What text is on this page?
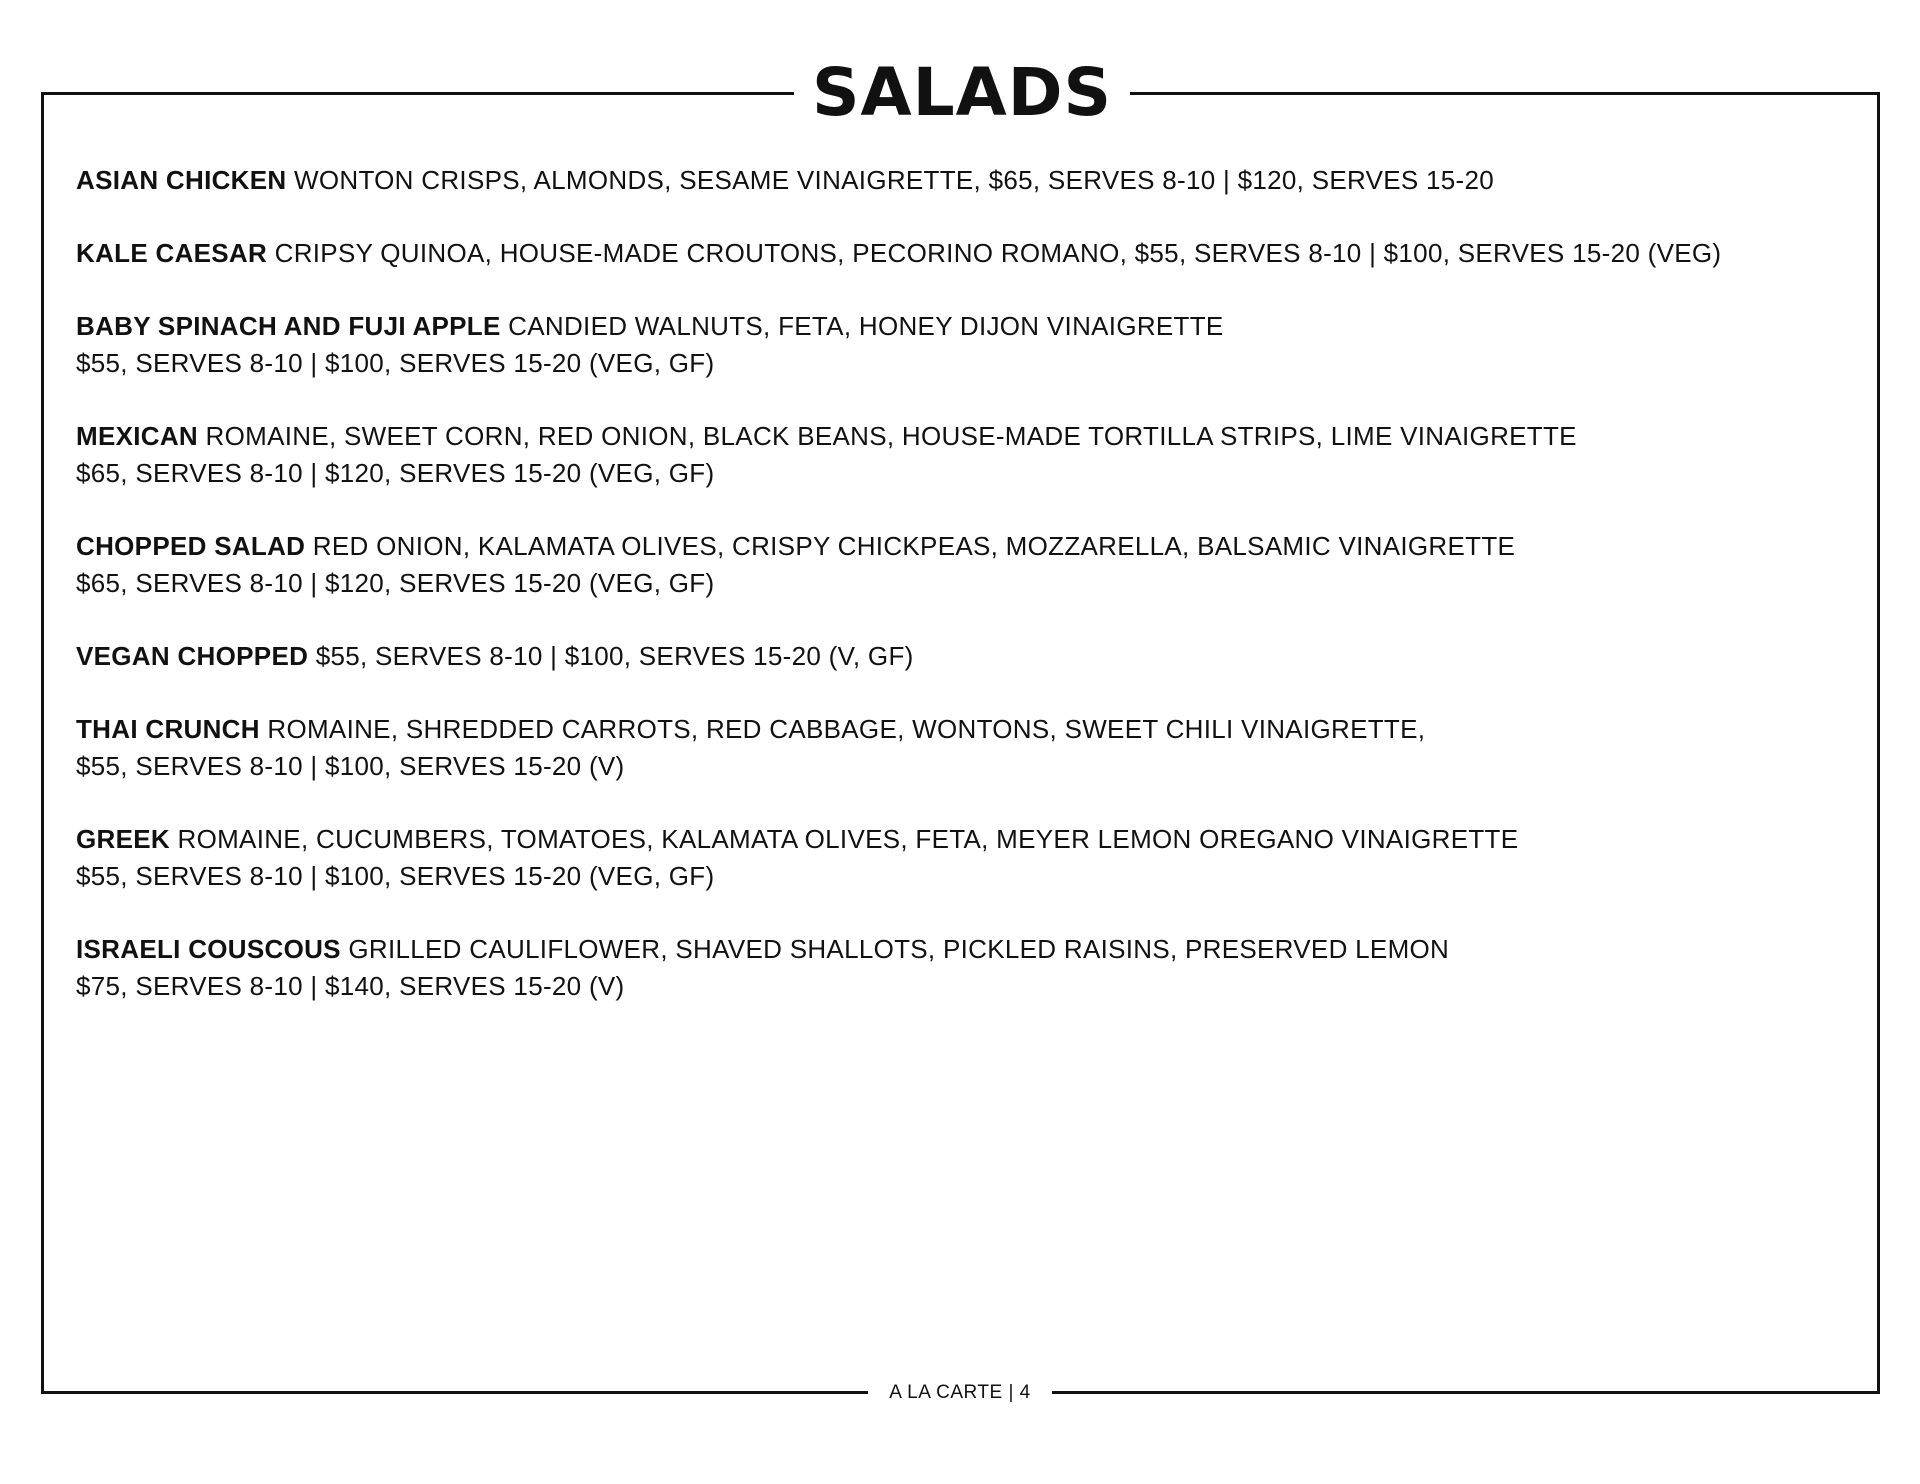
SALADS
ASIAN CHICKEN WONTON CRISPS, ALMONDS, SESAME VINAIGRETTE, $65, SERVES 8-10 | $120, SERVES 15-20
KALE CAESAR CRIPSY QUINOA, HOUSE-MADE CROUTONS, PECORINO ROMANO, $55, SERVES 8-10 | $100, SERVES 15-20 (VEG)
BABY SPINACH AND FUJI APPLE CANDIED WALNUTS, FETA, HONEY DIJON VINAIGRETTE
$55, SERVES 8-10 | $100, SERVES 15-20 (VEG, GF)
MEXICAN ROMAINE, SWEET CORN, RED ONION, BLACK BEANS, HOUSE-MADE TORTILLA STRIPS, LIME VINAIGRETTE
$65, SERVES 8-10 | $120, SERVES 15-20 (VEG, GF)
CHOPPED SALAD RED ONION, KALAMATA OLIVES, CRISPY CHICKPEAS, MOZZARELLA, BALSAMIC VINAIGRETTE
$65, SERVES 8-10 | $120, SERVES 15-20 (VEG, GF)
VEGAN CHOPPED $55, SERVES 8-10 | $100, SERVES 15-20 (V, GF)
THAI CRUNCH ROMAINE, SHREDDED CARROTS, RED CABBAGE, WONTONS, SWEET CHILI VINAIGRETTE,
$55, SERVES 8-10 | $100, SERVES 15-20 (V)
GREEK ROMAINE, CUCUMBERS, TOMATOES, KALAMATA OLIVES, FETA, MEYER LEMON OREGANO VINAIGRETTE
$55, SERVES 8-10 | $100, SERVES 15-20 (VEG, GF)
ISRAELI COUSCOUS GRILLED CAULIFLOWER, SHAVED SHALLOTS, PICKLED RAISINS, PRESERVED LEMON
$75, SERVES 8-10 | $140, SERVES 15-20 (V)
A LA CARTE | 4
